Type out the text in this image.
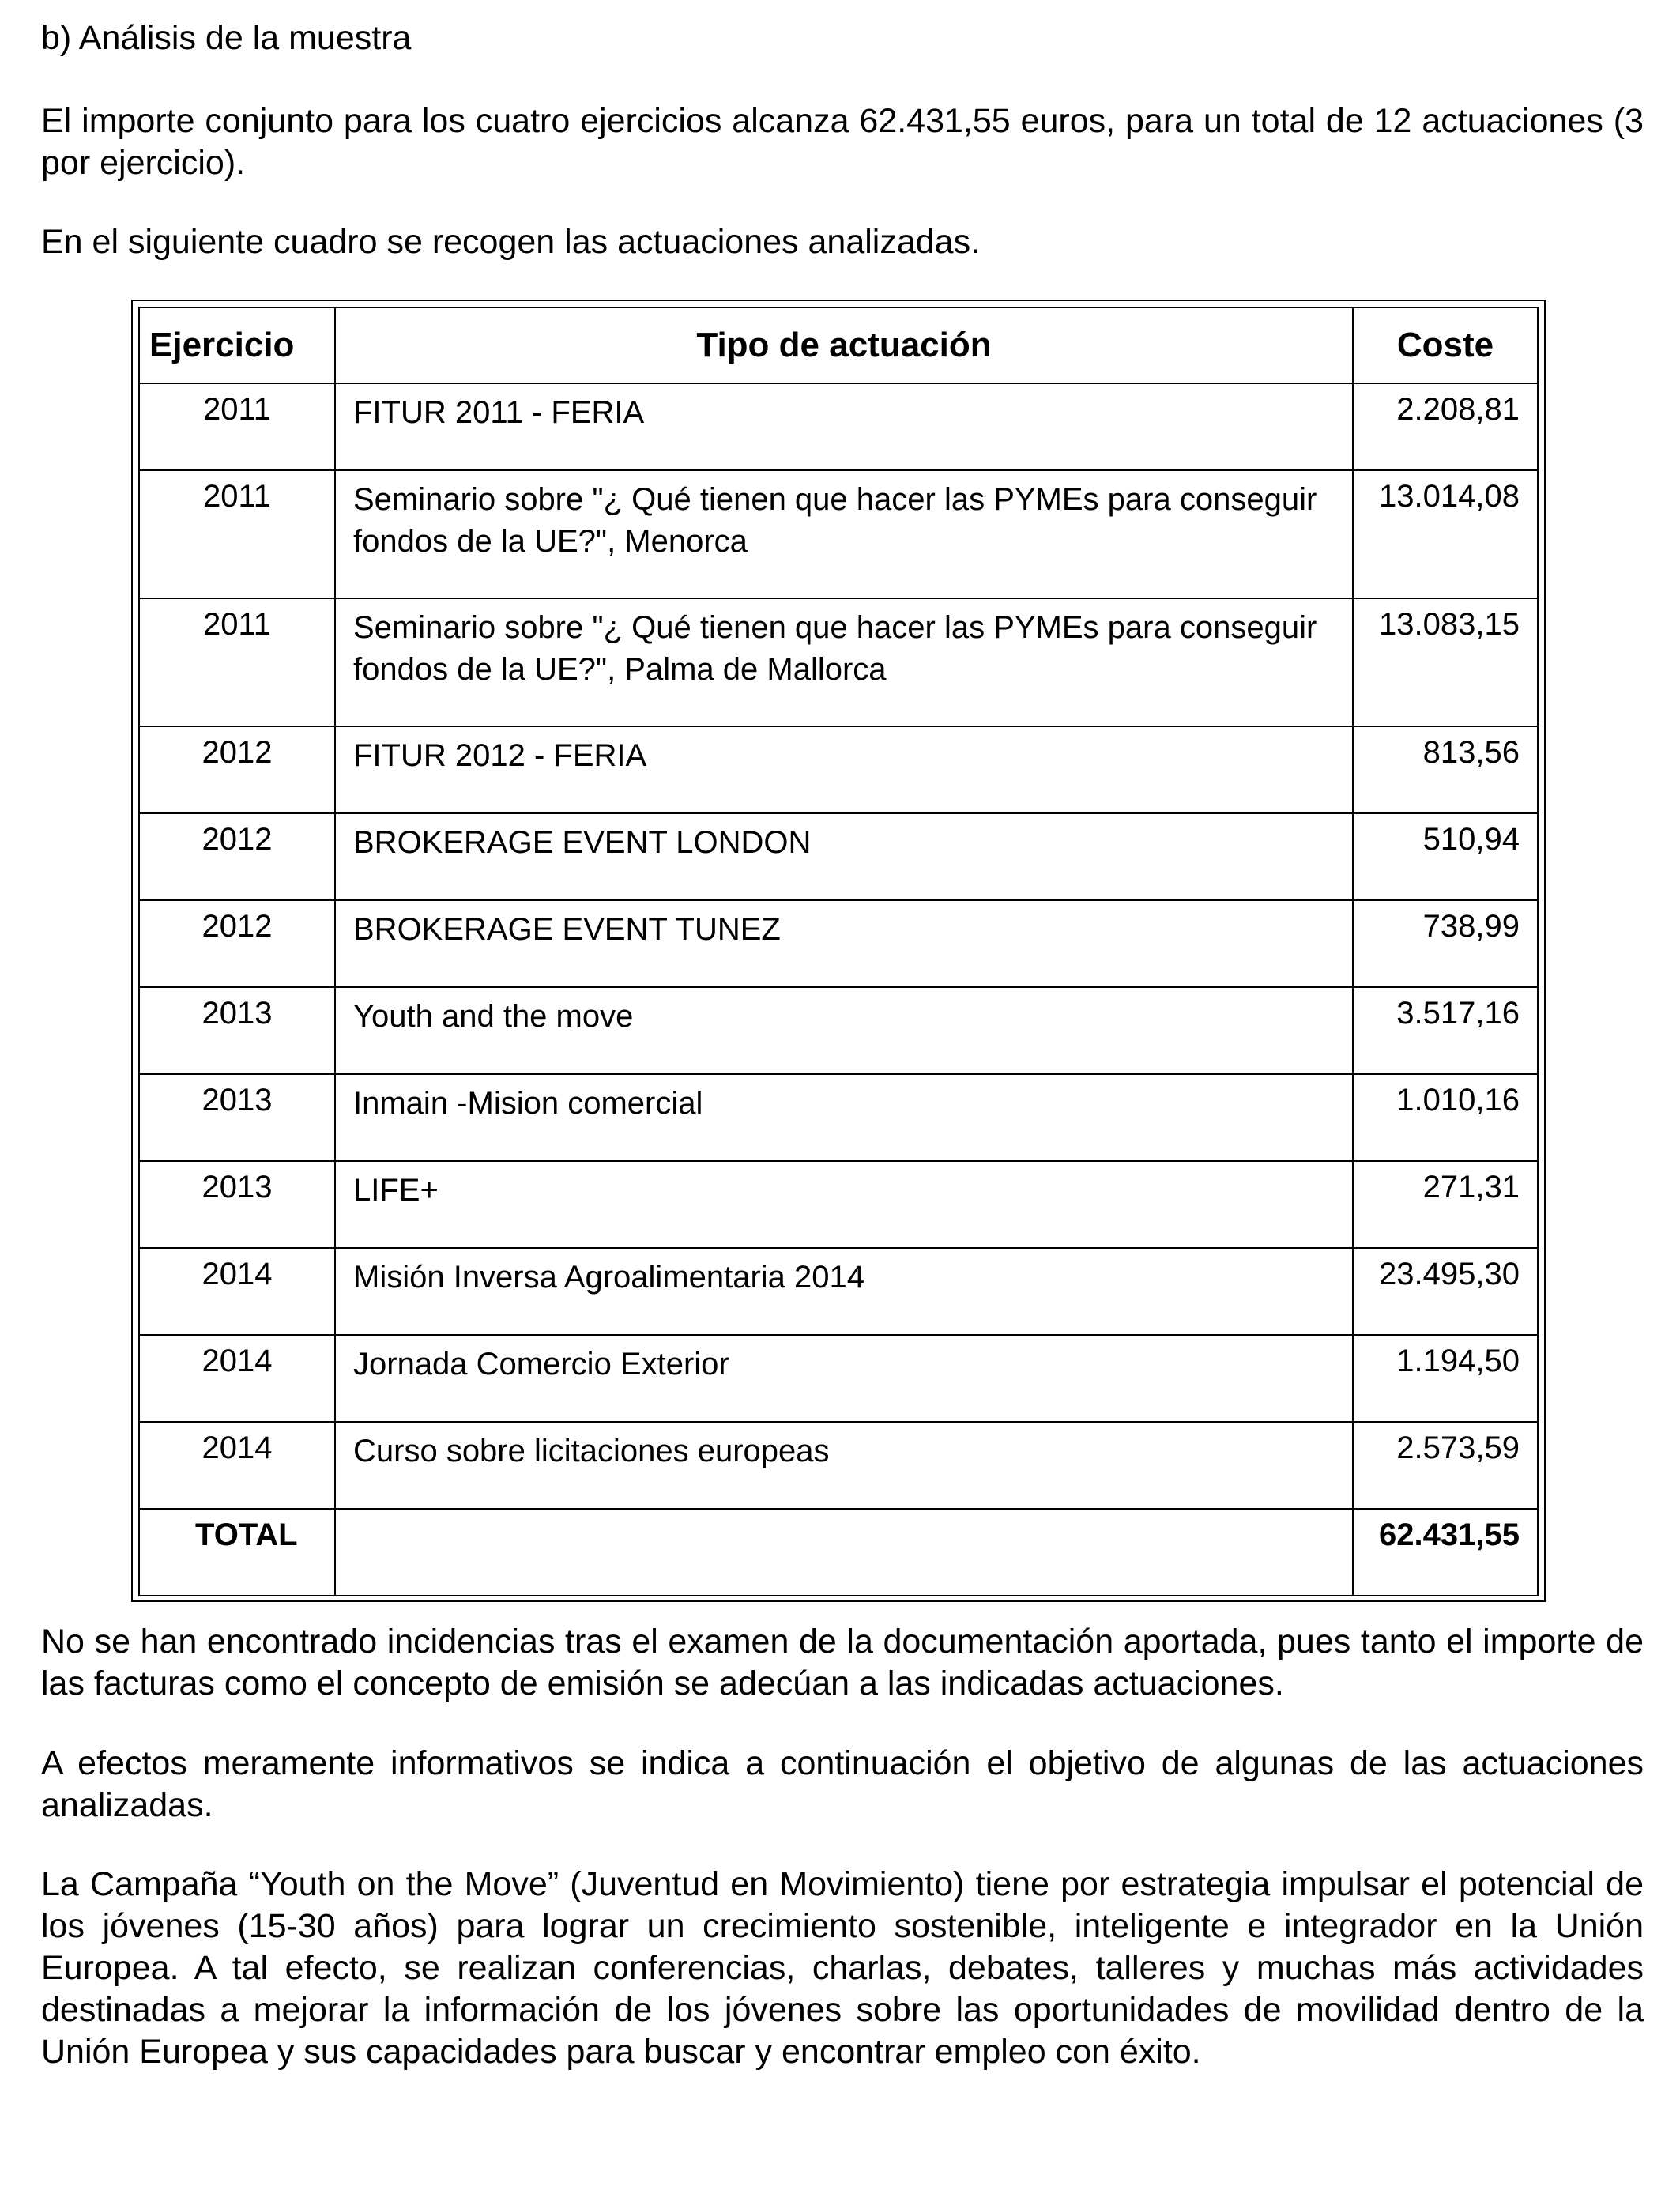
b) Análisis de la muestra

El importe conjunto para los cuatro ejercicios alcanza 62.431,55 euros, para un total de 12 actuaciones (3 por ejercicio).

En el siguiente cuadro se recogen las actuaciones analizadas.

Ejercicio	Tipo de actuación	Coste
2011	FITUR 2011 - FERIA	2.208,81
2011	Seminario sobre "¿ Qué tienen que hacer las PYMEs para conseguir fondos de la UE?", Menorca	13.014,08
2011	Seminario sobre "¿ Qué tienen que hacer las PYMEs para conseguir fondos de la UE?", Palma de Mallorca	13.083,15
2012	FITUR 2012 - FERIA	813,56
2012	BROKERAGE EVENT LONDON	510,94
2012	BROKERAGE EVENT TUNEZ	738,99
2013	Youth and the move	3.517,16
2013	Inmain -Mision comercial	1.010,16
2013	LIFE+	271,31
2014	Misión Inversa Agroalimentaria 2014	23.495,30
2014	Jornada Comercio Exterior	1.194,50
2014	Curso sobre licitaciones europeas	2.573,59
TOTAL		62.431,55

No se han encontrado incidencias tras el examen de la documentación aportada, pues tanto el importe de las facturas como el concepto de emisión se adecúan a las indicadas actuaciones.

A efectos meramente informativos se indica a continuación el objetivo de algunas de las actuaciones analizadas.

La Campaña “Youth on the Move” (Juventud en Movimiento) tiene por estrategia impulsar el potencial de los jóvenes (15-30 años) para lograr un crecimiento sostenible, inteligente e integrador en la Unión Europea. A tal efecto, se realizan conferencias, charlas, debates, talleres y muchas más actividades destinadas a mejorar la información de los jóvenes sobre las oportunidades de movilidad dentro de la Unión Europea y sus capacidades para buscar y encontrar empleo con éxito.
